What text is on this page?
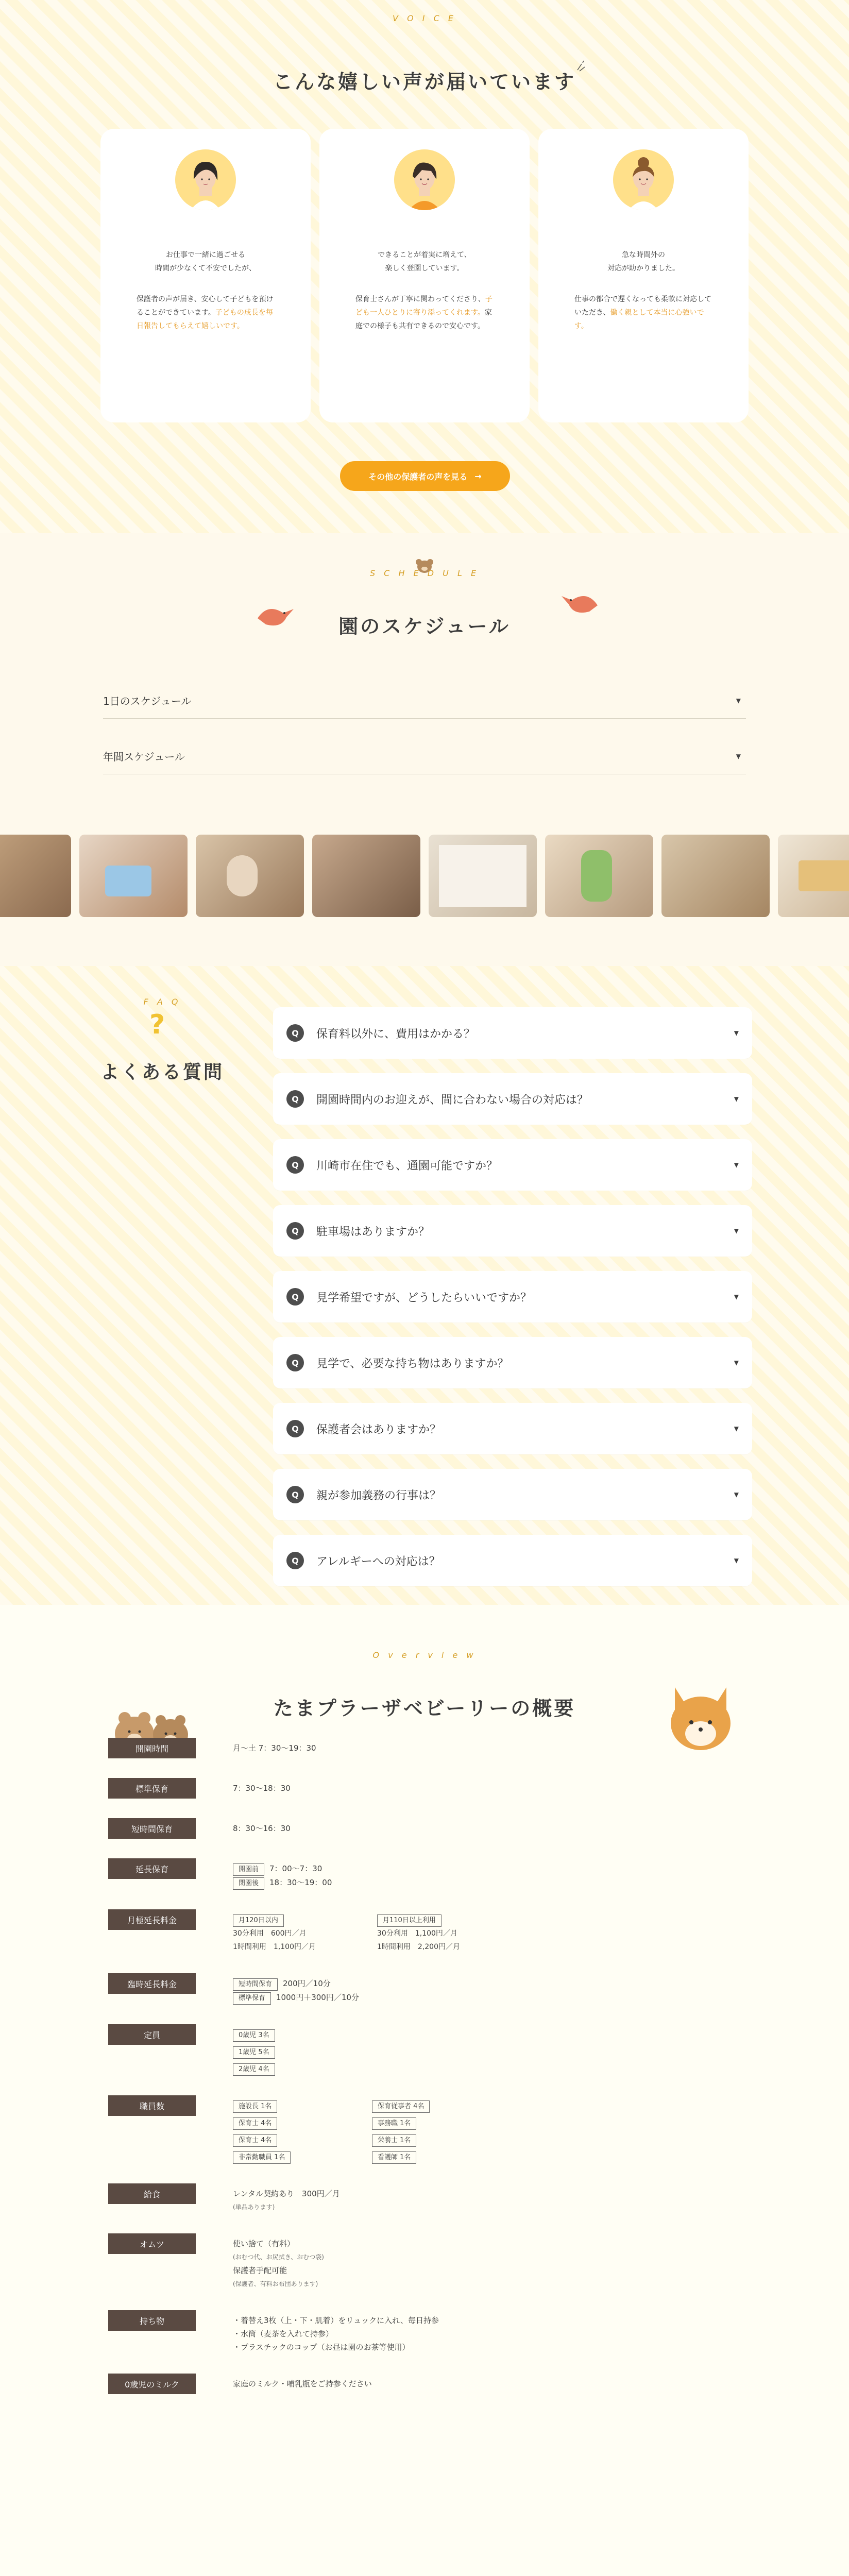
V O I C E
こんな嬉しい声が届いています
お仕事で一緒に過ごせる
時間が少なくて不安でしたが、
保護者の声が届き、安心して子どもを預けることができています。子どもの成長を毎日報告してもらえて嬉しいです。
できることが着実に増えて、
楽しく登園しています。
保育士さんが丁寧に関わってくださり、子ども一人ひとりに寄り添ってくれます。家庭での様子も共有できるので安心です。
急な時間外の
対応が助かりました。
仕事の都合で遅くなっても柔軟に対応していただき、働く親として本当に心強いです。
その他の保護者の声を見る →
S C H E D U L E
園のスケジュール
1日のスケジュール	▼
年間スケジュール	▼
F A Q
?
よくある質問
Q	保育料以外に、費用はかかる？	▼
Q	開園時間内のお迎えが、間に合わない場合の対応は？	▼
Q	川崎市在住でも、通園可能ですか？	▼
Q	駐車場はありますか？	▼
Q	見学希望ですが、どうしたらいいですか？	▼
Q	見学で、必要な持ち物はありますか？	▼
Q	保護者会はありますか？	▼
Q	親が参加義務の行事は？	▼
Q	アレルギーへの対応は？	▼
O v e r v i e w
たまプラーザベビーリーの概要
開園時間	月〜土 7：30〜19：30
標準保育	7：30〜18：30
短時間保育	8：30〜16：30
延長保育	開園前 7：00〜7：30
閉園後 18：30〜19：00
月極延長料金	月120日以内
30分利用　600円／月
1時間利用　1,100円／月
月110日以上利用
30分利用　1,100円／月
1時間利用　2,200円／月
臨時延長料金	短時間保育 200円／10分
標準保育 1000円＋300円／10分
定員	0歳児 3名
1歳児 5名
2歳児 4名
職員数	施設長 1名	保育従事者 4名
保育士 4名	事務職 1名
保育士 4名	栄養士 1名
非常勤職員 1名	看護師 1名
給食	レンタル契約あり　300円／月
(単品あります)
オムツ	使い捨て（有料）
(おむつ代、お尻拭き、おむつ袋)
保護者手配可能
(保護者、有料お布団あります)
持ち物	・着替え3枚（上・下・肌着）をリュックに入れ、毎日持参
・水筒（麦茶を入れて持参）
・プラスチックのコップ（お昼は園のお茶等使用）
0歳児のミルク	家庭のミルク・哺乳瓶をご持参ください
